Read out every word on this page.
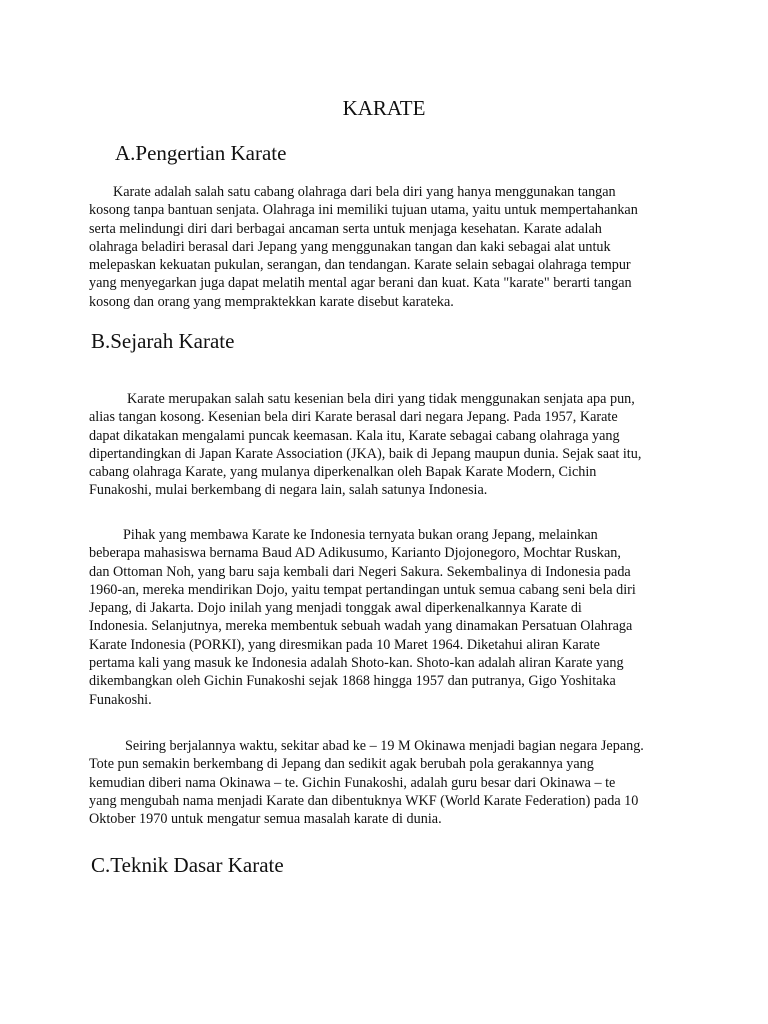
KARATE
A.Pengertian Karate

Karate adalah salah satu cabang olahraga dari bela diri yang hanya menggunakan tangan
kosong tanpa bantuan senjata. Olahraga ini memiliki tujuan utama, yaitu untuk mempertahankan
serta melindungi diri dari berbagai ancaman serta untuk menjaga kesehatan. Karate adalah
olahraga beladiri berasal dari Jepang yang menggunakan tangan dan kaki sebagai alat untuk
melepaskan kekuatan pukulan, serangan, dan tendangan. Karate selain sebagai olahraga tempur
yang menyegarkan juga dapat melatih mental agar berani dan kuat. Kata "karate" berarti tangan
kosong dan orang yang mempraktekkan karate disebut karateka.

B.Sejarah Karate

Karate merupakan salah satu kesenian bela diri yang tidak menggunakan senjata apa pun,
alias tangan kosong. Kesenian bela diri Karate berasal dari negara Jepang. Pada 1957, Karate
dapat dikatakan mengalami puncak keemasan. Kala itu, Karate sebagai cabang olahraga yang
dipertandingkan di Japan Karate Association (JKA), baik di Jepang maupun dunia. Sejak saat itu,
cabang olahraga Karate, yang mulanya diperkenalkan oleh Bapak Karate Modern, Cichin
Funakoshi, mulai berkembang di negara lain, salah satunya Indonesia.

Pihak yang membawa Karate ke Indonesia ternyata bukan orang Jepang, melainkan
beberapa mahasiswa bernama Baud AD Adikusumo, Karianto Djojonegoro, Mochtar Ruskan,
dan Ottoman Noh, yang baru saja kembali dari Negeri Sakura. Sekembalinya di Indonesia pada
1960-an, mereka mendirikan Dojo, yaitu tempat pertandingan untuk semua cabang seni bela diri
Jepang, di Jakarta. Dojo inilah yang menjadi tonggak awal diperkenalkannya Karate di
Indonesia. Selanjutnya, mereka membentuk sebuah wadah yang dinamakan Persatuan Olahraga
Karate Indonesia (PORKI), yang diresmikan pada 10 Maret 1964. Diketahui aliran Karate
pertama kali yang masuk ke Indonesia adalah Shoto-kan. Shoto-kan adalah aliran Karate yang
dikembangkan oleh Gichin Funakoshi sejak 1868 hingga 1957 dan putranya, Gigo Yoshitaka
Funakoshi.

Seiring berjalannya waktu, sekitar abad ke – 19 M Okinawa menjadi bagian negara Jepang.
Tote pun semakin berkembang di Jepang dan sedikit agak berubah pola gerakannya yang
kemudian diberi nama Okinawa – te. Gichin Funakoshi, adalah guru besar dari Okinawa – te
yang mengubah nama menjadi Karate dan dibentuknya WKF (World Karate Federation) pada 10
Oktober 1970 untuk mengatur semua masalah karate di dunia.

C.Teknik Dasar Karate
